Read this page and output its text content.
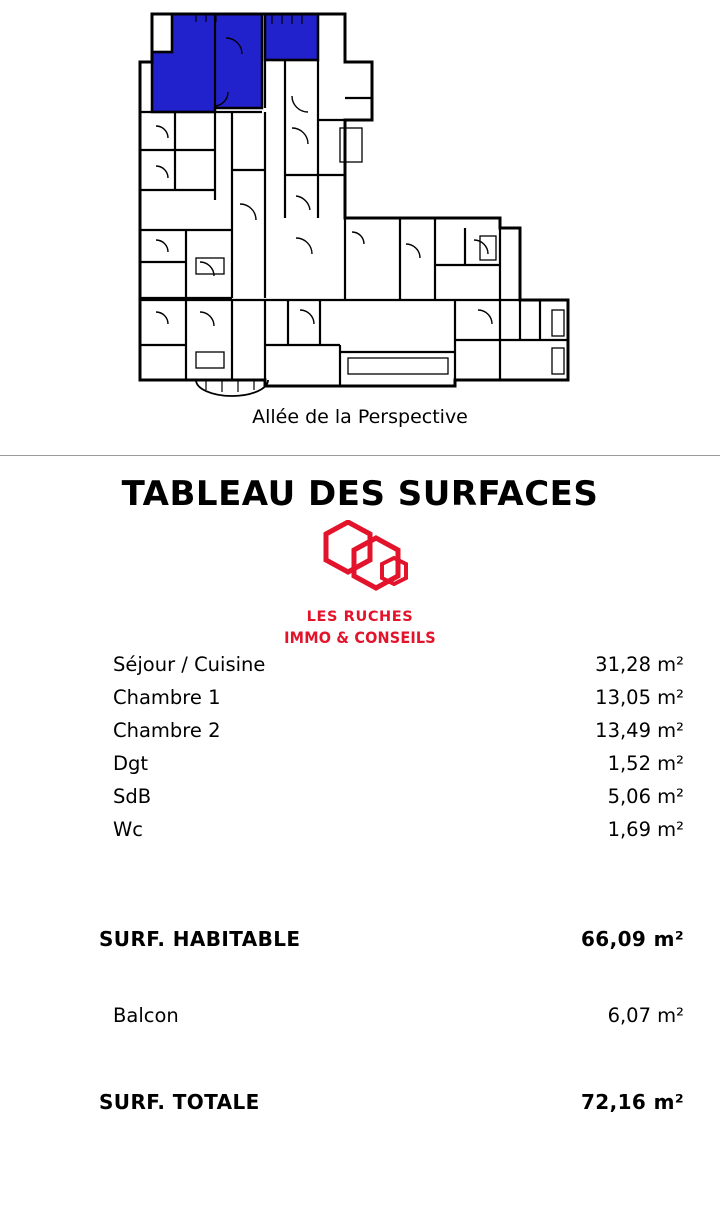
Allée de la Perspective
TABLEAU DES SURFACES
LES RUCHES
IMMO & CONSEILS
Séjour / Cuisine	31,28 m²
Chambre 1	13,05 m²
Chambre 2	13,49 m²
Dgt	1,52 m²
SdB	5,06 m²
Wc	1,69 m²
SURF. HABITABLE	66,09 m²
Balcon	6,07 m²
SURF. TOTALE	72,16 m²
